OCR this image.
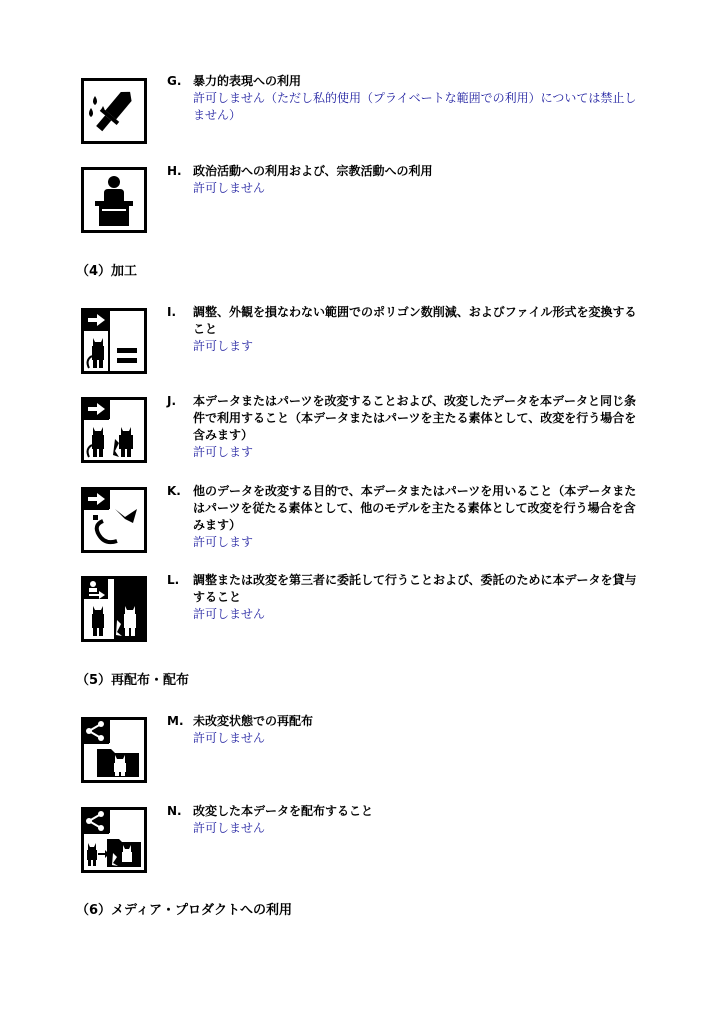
G. 暴力的表現への利用

許可しません（ただし私的使用（プライベートな範囲での利用）については禁止しません）

H. 政治活動への利用および、宗教活動への利用

許可しません

（4）加工
I. 調整、外観を損なわない範囲でのポリゴン数削減、およびファイル形式を変換すること

許可します

J. 本データまたはパーツを改変することおよび、改変したデータを本データと同じ条件で利用すること（本データまたはパーツを主たる素体として、改変を行う場合を含みます）

許可します

K. 他のデータを改変する目的で、本データまたはパーツを用いること（本データまたはパーツを従たる素体として、他のモデルを主たる素体として改変を行う場合を含みます）

許可します

L. 調整または改変を第三者に委託して行うことおよび、委託のために本データを貸与すること

許可しません

（5）再配布・配布
M. 未改変状態での再配布

許可しません

N. 改変した本データを配布すること

許可しません

（6）メディア・プロダクトへの利用
